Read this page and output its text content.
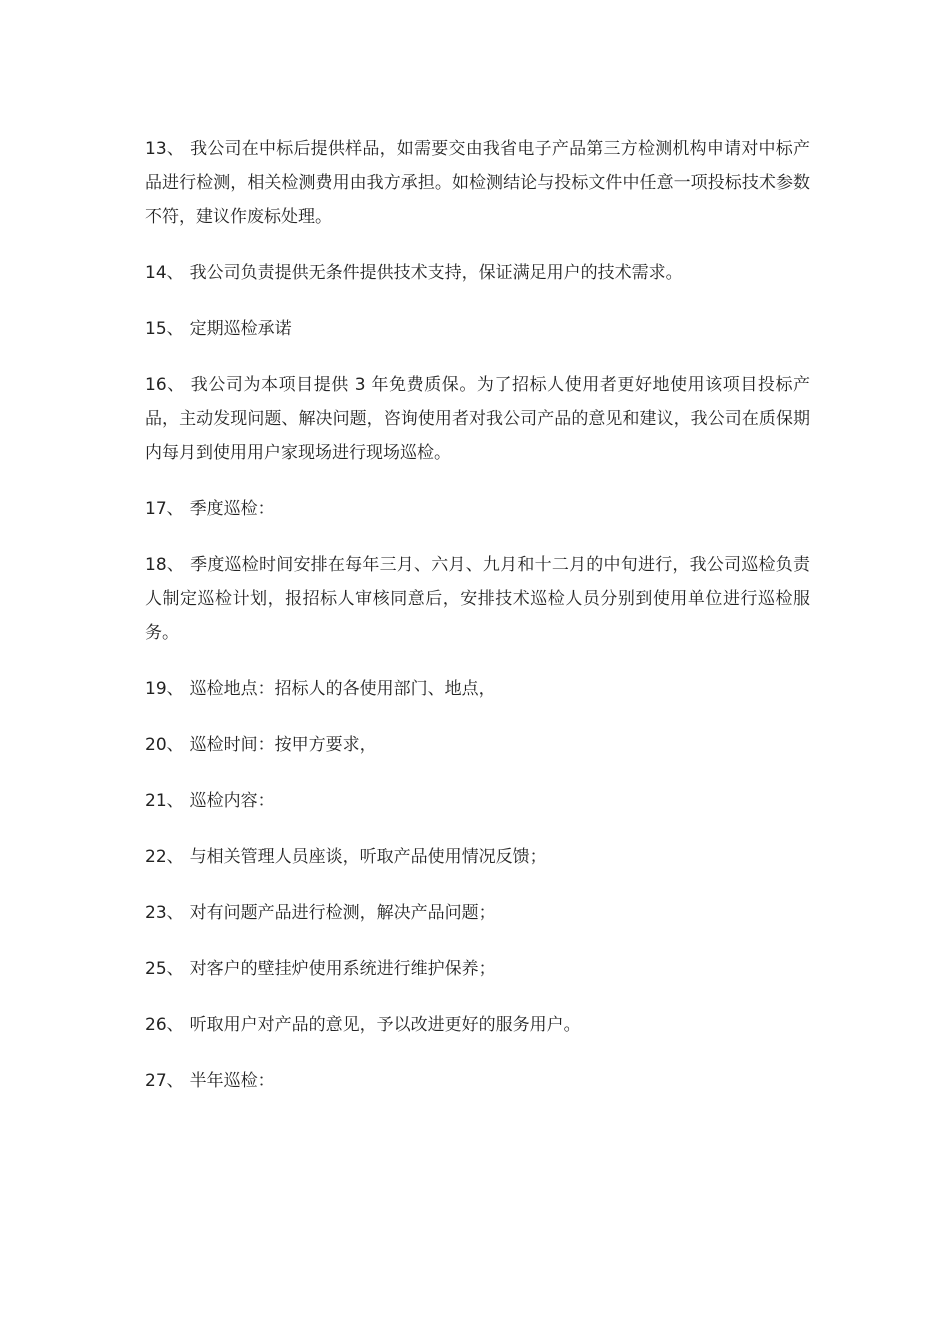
13、 我公司在中标后提供样品，如需要交由我省电子产品第三方检测机构申请对中标产品进行检测，相关检测费用由我方承担。如检测结论与投标文件中任意一项投标技术参数不符，建议作废标处理。

14、 我公司负责提供无条件提供技术支持，保证满足用户的技术需求。

15、 定期巡检承诺

16、 我公司为本项目提供 3 年免费质保。为了招标人使用者更好地使用该项目投标产品，主动发现问题、解决问题，咨询使用者对我公司产品的意见和建议，我公司在质保期内每月到使用用户家现场进行现场巡检。

17、 季度巡检：

18、 季度巡检时间安排在每年三月、六月、九月和十二月的中旬进行，我公司巡检负责人制定巡检计划，报招标人审核同意后，安排技术巡检人员分别到使用单位进行巡检服务。

19、 巡检地点：招标人的各使用部门、地点，

20、 巡检时间：按甲方要求，

21、 巡检内容：

22、 与相关管理人员座谈，听取产品使用情况反馈；

23、 对有问题产品进行检测，解决产品问题；

25、 对客户的壁挂炉使用系统进行维护保养；

26、 听取用户对产品的意见，予以改进更好的服务用户。

27、 半年巡检：
